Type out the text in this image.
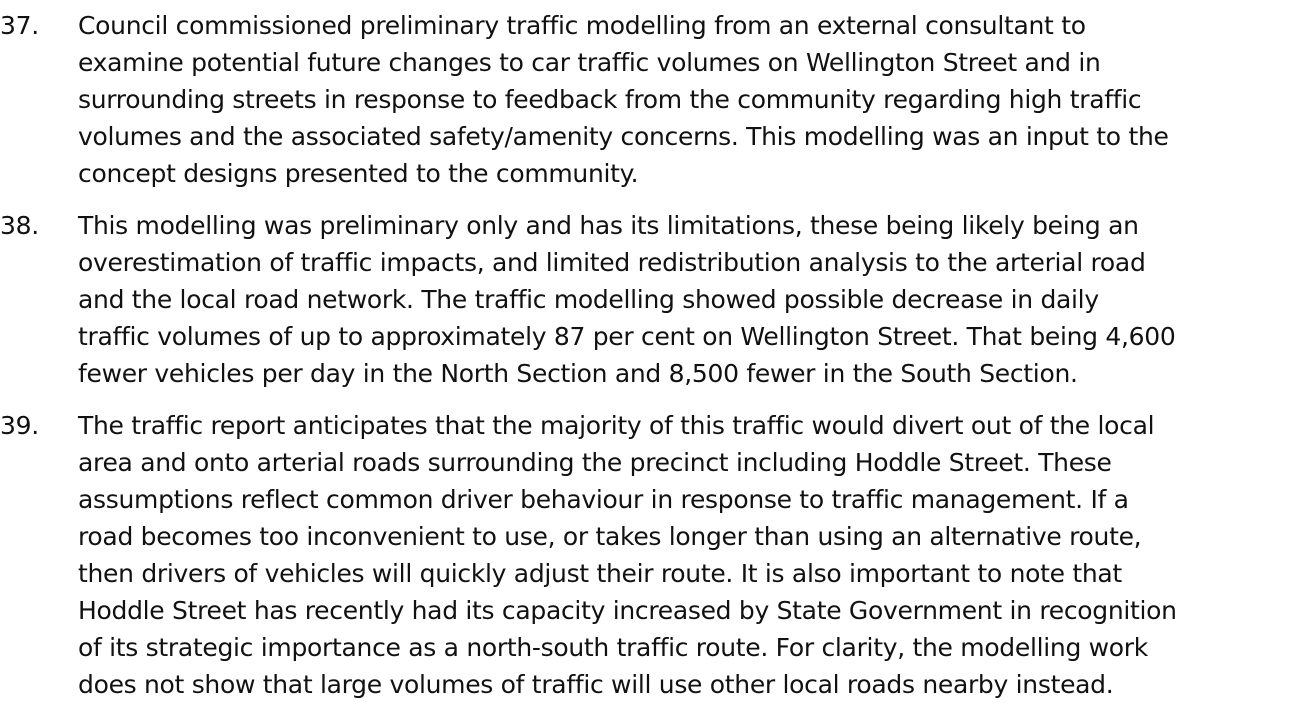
37.	Council commissioned preliminary traffic modelling from an external consultant to
examine potential future changes to car traffic volumes on Wellington Street and in
surrounding streets in response to feedback from the community regarding high traffic
volumes and the associated safety/amenity concerns. This modelling was an input to the
concept designs presented to the community.
38.	This modelling was preliminary only and has its limitations, these being likely being an
overestimation of traffic impacts, and limited redistribution analysis to the arterial road
and the local road network. The traffic modelling showed possible decrease in daily
traffic volumes of up to approximately 87 per cent on Wellington Street. That being 4,600
fewer vehicles per day in the North Section and 8,500 fewer in the South Section.
39.	The traffic report anticipates that the majority of this traffic would divert out of the local
area and onto arterial roads surrounding the precinct including Hoddle Street. These
assumptions reflect common driver behaviour in response to traffic management. If a
road becomes too inconvenient to use, or takes longer than using an alternative route,
then drivers of vehicles will quickly adjust their route. It is also important to note that
Hoddle Street has recently had its capacity increased by State Government in recognition
of its strategic importance as a north-south traffic route. For clarity, the modelling work
does not show that large volumes of traffic will use other local roads nearby instead.
